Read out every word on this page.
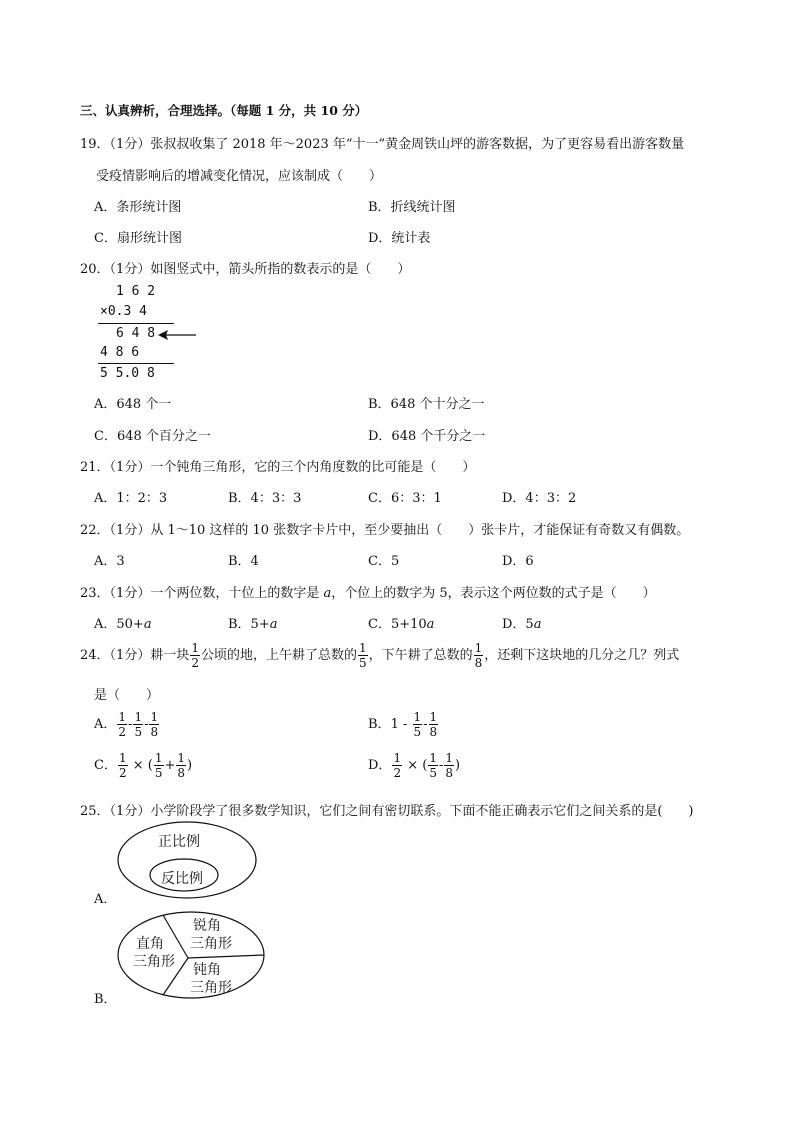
三、认真辨析，合理选择。（每题 1 分，共 10 分）
19．（1分）张叔叔收集了 2018 年～2023 年“十一”黄金周铁山坪的游客数据，为了更容易看出游客数量
受疫情影响后的增减变化情况，应该制成（　　）
A．条形统计图	B．折线统计图
C．扇形统计图	D．统计表
20．（1分）如图竖式中，箭头所指的数表示的是（　　）
1 6 2
×0.3 4
6 4 8
4 8 6
5 5.0 8
A．648 个一	B．648 个十分之一
C．648 个百分之一	D．648 个千分之一
21．（1分）一个钝角三角形，它的三个内角度数的比可能是（　　）
A．1：2：3	B．4：3：3	C．6：3：1	D．4：3：2
22．（1分）从 1～10 这样的 10 张数字卡片中，至少要抽出（　　）张卡片，才能保证有奇数又有偶数。
A．3	B．4	C．5	D．6
23．（1分）一个两位数，十位上的数字是 a，个位上的数字为 5，表示这个两位数的式子是（　　）
A．50+a	B．5+a	C．5+10a	D．5a
24．（1分）耕一块 $\frac{1}{2}$ 公顷的地，上午耕了总数的 $\frac{1}{5}$ ，下午耕了总数的 $\frac{1}{8}$ ，还剩下这块地的几分之几？列式
是（　　）
A． $\frac{1}{2} - \frac{1}{5} - \frac{1}{8}$	B．$1 - \frac{1}{5} - \frac{1}{8}$
C． $\frac{1}{2}$ × ( $\frac{1}{5} + \frac{1}{8}$ )	D． $\frac{1}{2}$ × ( $\frac{1}{5} - \frac{1}{8}$ )
25．（1分）小学阶段学了很多数学知识，它们之间有密切联系。下面不能正确表示它们之间关系的是(　　)
正比例
反比例
A．
直角
三角形
锐角
三角形
钝角
三角形
B．
